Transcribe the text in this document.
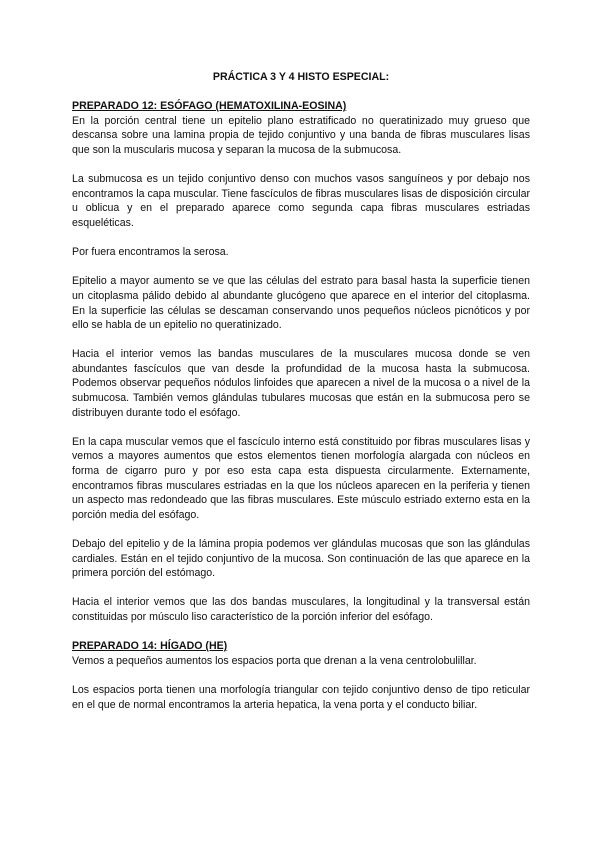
PRÁCTICA 3 Y 4 HISTO ESPECIAL:
PREPARADO 12: ESÓFAGO (HEMATOXILINA-EOSINA)

En la porción central tiene un epitelio plano estratificado no queratinizado muy grueso que descansa sobre una lamina propia de tejido conjuntivo y una banda de fibras musculares lisas que son la muscularis mucosa y separan la mucosa de la submucosa.

La submucosa es un tejido conjuntivo denso con muchos vasos sanguíneos y por debajo nos encontramos la capa muscular. Tiene fascículos de fibras musculares lisas de disposición circular u oblicua y en el preparado aparece como segunda capa fibras musculares estriadas esqueléticas.

Por fuera encontramos la serosa.

Epitelio a mayor aumento se ve que las células del estrato para basal hasta la superficie tienen un citoplasma pálido debido al abundante glucógeno que aparece en el interior del citoplasma. En la superficie las células se descaman conservando unos pequeños núcleos picnóticos y por ello se habla de un epitelio no queratinizado.

Hacia el interior vemos las bandas musculares de la musculares mucosa donde se ven abundantes fascículos que van desde la profundidad de la mucosa hasta la submucosa. Podemos observar pequeños nódulos linfoides que aparecen a nivel de la mucosa o a nivel de la submucosa. También vemos glándulas tubulares mucosas que están en la submucosa pero se distribuyen durante todo el esófago.

En la capa muscular vemos que el fascículo interno está constituido por fibras musculares lisas y vemos a mayores aumentos que estos elementos tienen morfología alargada con núcleos en forma de cigarro puro y por eso esta capa esta dispuesta circularmente. Externamente, encontramos fibras musculares estriadas en la que los núcleos aparecen en la periferia y tienen un aspecto mas redondeado que las fibras musculares. Este músculo estriado externo esta en la porción media del esófago.

Debajo del epitelio y de la lámina propia podemos ver glándulas mucosas que son las glándulas cardiales. Están en el tejido conjuntivo de la mucosa. Son continuación de las que aparece en la primera porción del estómago.

Hacia el interior vemos que las dos bandas musculares, la longitudinal y la transversal están constituidas por músculo liso característico de la porción inferior del esófago.

PREPARADO 14: HÍGADO (HE)

Vemos a pequeños aumentos los espacios porta que drenan a la vena centrolobulillar.

Los espacios porta tienen una morfología triangular con tejido conjuntivo denso de tipo reticular en el que de normal encontramos la arteria hepatica, la vena porta y el conducto biliar.
